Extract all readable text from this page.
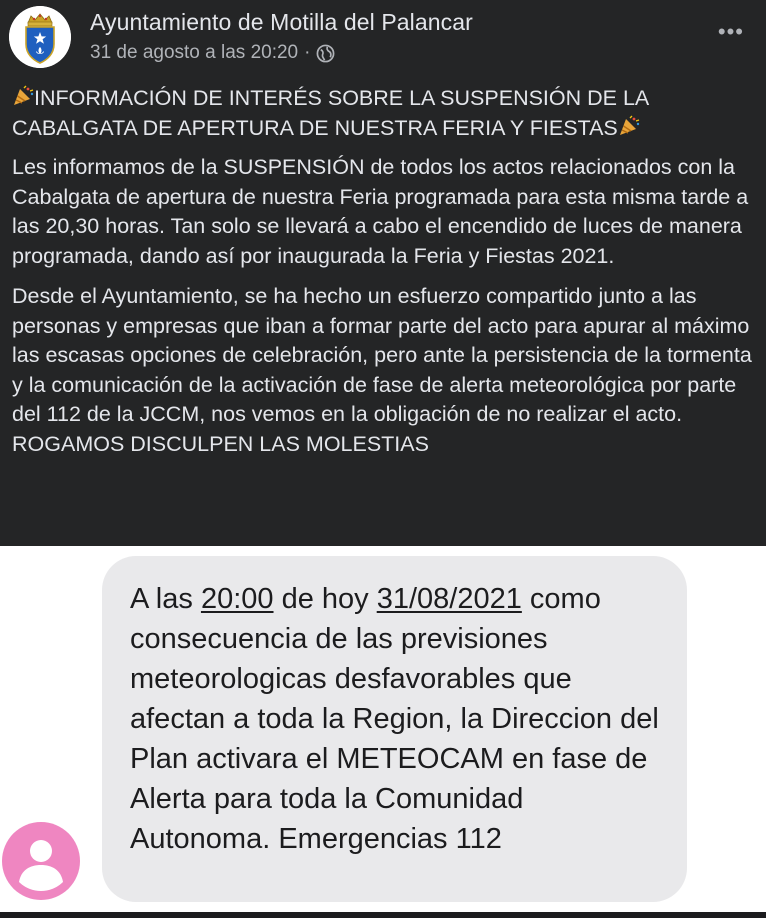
Ayuntamiento de Motilla del Palancar
31 de agosto a las 20:20 ·
•••

INFORMACIÓN DE INTERÉS SOBRE LA SUSPENSIÓN DE LA CABALGATA DE APERTURA DE NUESTRA FERIA Y FIESTAS

Les informamos de la SUSPENSIÓN de todos los actos relacionados con la Cabalgata de apertura de nuestra Feria programada para esta misma tarde a las 20,30 horas. Tan solo se llevará a cabo el encendido de luces de manera programada, dando así por inaugurada la Feria y Fiestas 2021.

Desde el Ayuntamiento, se ha hecho un esfuerzo compartido junto a las personas y empresas que iban a formar parte del acto para apurar al máximo las escasas opciones de celebración, pero ante la persistencia de la tormenta y la comunicación de la activación de fase de alerta meteorológica por parte del 112 de la JCCM, nos vemos en la obligación de no realizar el acto.
ROGAMOS DISCULPEN LAS MOLESTIAS

A las 20:00 de hoy 31/08/2021 como consecuencia de las previsiones meteorologicas desfavorables que afectan a toda la Region, la Direccion del Plan activara el METEOCAM en fase de Alerta para toda la Comunidad Autonoma. Emergencias 112
